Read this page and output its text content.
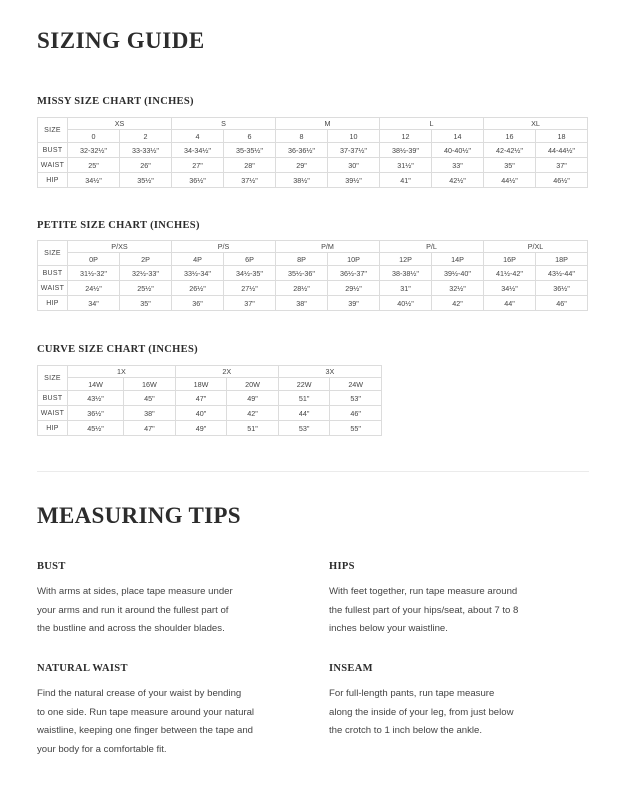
SIZING GUIDE
MISSY SIZE CHART (INCHES)
SIZE	XS		S		M		L		XL	
	0	2	4	6	8	10	12	14	16	18
BUST	32-32½"	33-33½"	34-34½"	35-35½"	36-36½"	37-37½"	38½-39"	40-40½"	42-42½"	44-44½"
WAIST	25"	26"	27"	28"	29"	30"	31½"	33"	35"	37"
HIP	34½"	35½"	36½"	37½"	38½"	39½"	41"	42½"	44½"	46½"
PETITE SIZE CHART (INCHES)
SIZE	P/XS		P/S		P/M		P/L		P/XL	
	0P	2P	4P	6P	8P	10P	12P	14P	16P	18P
BUST	31½-32"	32½-33"	33½-34"	34½-35"	35½-36"	36½-37"	38-38½"	39½-40"	41½-42"	43½-44"
WAIST	24½"	25½"	26½"	27½"	28½"	29½"	31"	32½"	34½"	36½"
HIP	34"	35"	36"	37"	38"	39"	40½"	42"	44"	46"
CURVE SIZE CHART (INCHES)
SIZE	1X		2X		3X	
	14W	16W	18W	20W	22W	24W
BUST	43½"	45"	47"	49"	51"	53"
WAIST	36½"	38"	40"	42"	44"	46"
HIP	45½"	47"	49"	51"	53"	55"
MEASURING TIPS
BUST
With arms at sides, place tape measure under
your arms and run it around the fullest part of
the bustline and across the shoulder blades.
HIPS
With feet together, run tape measure around
the fullest part of your hips/seat, about 7 to 8
inches below your waistline.
NATURAL WAIST
Find the natural crease of your waist by bending
to one side. Run tape measure around your natural
waistline, keeping one finger between the tape and
your body for a comfortable fit.
INSEAM
For full-length pants, run tape measure
along the inside of your leg, from just below
the crotch to 1 inch below the ankle.
